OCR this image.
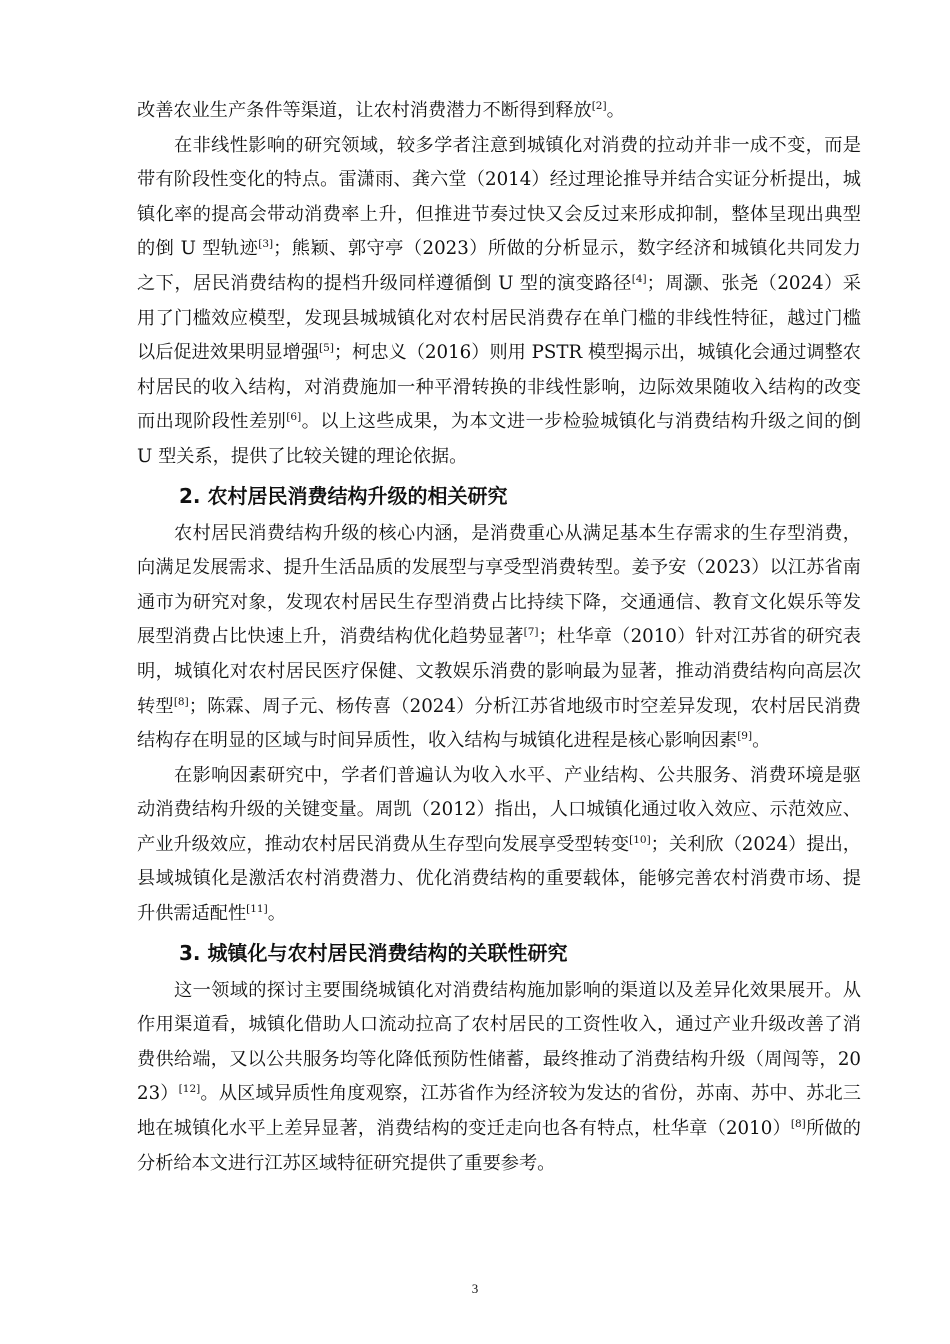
改善农业生产条件等渠道，让农村消费潜力不断得到释放[2]。

在非线性影响的研究领域，较多学者注意到城镇化对消费的拉动并非一成不变，而是带有阶段性变化的特点。雷潇雨、龚六堂（2014）经过理论推导并结合实证分析提出，城镇化率的提高会带动消费率上升，但推进节奏过快又会反过来形成抑制，整体呈现出典型的倒 U 型轨迹[3]；熊颖、郭守亭（2023）所做的分析显示，数字经济和城镇化共同发力之下，居民消费结构的提档升级同样遵循倒 U 型的演变路径[4]；周灏、张尧（2024）采用了门槛效应模型，发现县城城镇化对农村居民消费存在单门槛的非线性特征，越过门槛以后促进效果明显增强[5]；柯忠义（2016）则用 PSTR 模型揭示出，城镇化会通过调整农村居民的收入结构，对消费施加一种平滑转换的非线性影响，边际效果随收入结构的改变而出现阶段性差别[6]。以上这些成果，为本文进一步检验城镇化与消费结构升级之间的倒 U 型关系，提供了比较关键的理论依据。

2. 农村居民消费结构升级的相关研究

农村居民消费结构升级的核心内涵，是消费重心从满足基本生存需求的生存型消费，向满足发展需求、提升生活品质的发展型与享受型消费转型。姜予安（2023）以江苏省南通市为研究对象，发现农村居民生存型消费占比持续下降，交通通信、教育文化娱乐等发展型消费占比快速上升，消费结构优化趋势显著[7]；杜华章（2010）针对江苏省的研究表明，城镇化对农村居民医疗保健、文教娱乐消费的影响最为显著，推动消费结构向高层次转型[8]；陈霖、周子元、杨传喜（2024）分析江苏省地级市时空差异发现，农村居民消费结构存在明显的区域与时间异质性，收入结构与城镇化进程是核心影响因素[9]。

在影响因素研究中，学者们普遍认为收入水平、产业结构、公共服务、消费环境是驱动消费结构升级的关键变量。周凯（2012）指出，人口城镇化通过收入效应、示范效应、产业升级效应，推动农村居民消费从生存型向发展享受型转变[10]；关利欣（2024）提出，县域城镇化是激活农村消费潜力、优化消费结构的重要载体，能够完善农村消费市场、提升供需适配性[11]。

3. 城镇化与农村居民消费结构的关联性研究

这一领域的探讨主要围绕城镇化对消费结构施加影响的渠道以及差异化效果展开。从作用渠道看，城镇化借助人口流动拉高了农村居民的工资性收入，通过产业升级改善了消费供给端，又以公共服务均等化降低预防性储蓄，最终推动了消费结构升级（周闯等，2023）[12]。从区域异质性角度观察，江苏省作为经济较为发达的省份，苏南、苏中、苏北三地在城镇化水平上差异显著，消费结构的变迁走向也各有特点，杜华章（2010）[8]所做的分析给本文进行江苏区域特征研究提供了重要参考。

3
